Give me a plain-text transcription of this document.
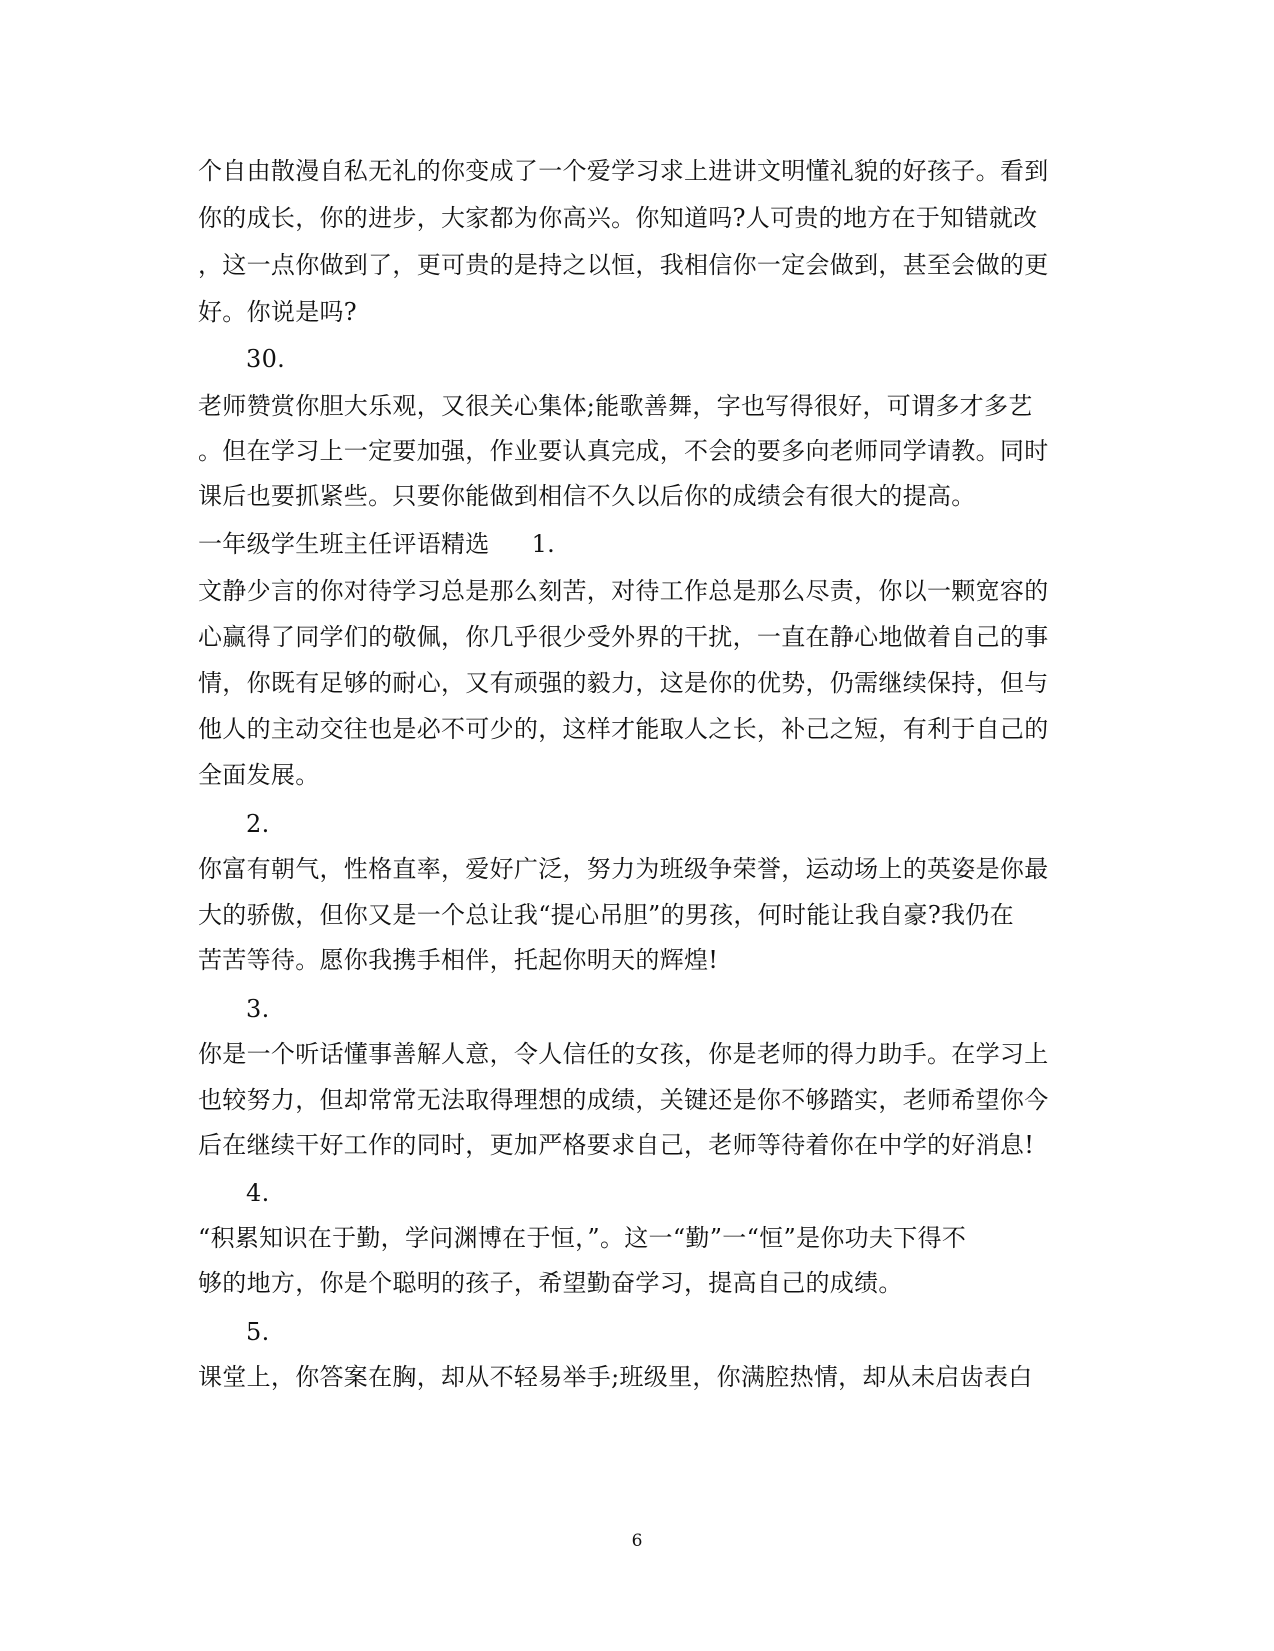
个自由散漫自私无礼的你变成了一个爱学习求上进讲文明懂礼貌的好孩子。看到
你的成长，你的进步，大家都为你高兴。你知道吗?人可贵的地方在于知错就改
，这一点你做到了，更可贵的是持之以恒，我相信你一定会做到，甚至会做的更
好。你说是吗?
30.
老师赞赏你胆大乐观，又很关心集体;能歌善舞，字也写得很好，可谓多才多艺
。但在学习上一定要加强，作业要认真完成，不会的要多向老师同学请教。同时
课后也要抓紧些。只要你能做到相信不久以后你的成绩会有很大的提高。
一年级学生班主任评语精选 1.
文静少言的你对待学习总是那么刻苦，对待工作总是那么尽责，你以一颗宽容的
心赢得了同学们的敬佩，你几乎很少受外界的干扰，一直在静心地做着自己的事
情，你既有足够的耐心，又有顽强的毅力，这是你的优势，仍需继续保持，但与
他人的主动交往也是必不可少的，这样才能取人之长，补己之短，有利于自己的
全面发展。
2.
你富有朝气，性格直率，爱好广泛，努力为班级争荣誉，运动场上的英姿是你最
大的骄傲，但你又是一个总让我“提心吊胆”的男孩，何时能让我自豪?我仍在
苦苦等待。愿你我携手相伴，托起你明天的辉煌!
3.
你是一个听话懂事善解人意，令人信任的女孩，你是老师的得力助手。在学习上
也较努力，但却常常无法取得理想的成绩，关键还是你不够踏实，老师希望你今
后在继续干好工作的同时，更加严格要求自己，老师等待着你在中学的好消息!
4.
“积累知识在于勤，学问渊博在于恒，”。这一“勤”一“恒”是你功夫下得不
够的地方，你是个聪明的孩子，希望勤奋学习，提高自己的成绩。
5.
课堂上，你答案在胸，却从不轻易举手;班级里，你满腔热情，却从未启齿表白
6
